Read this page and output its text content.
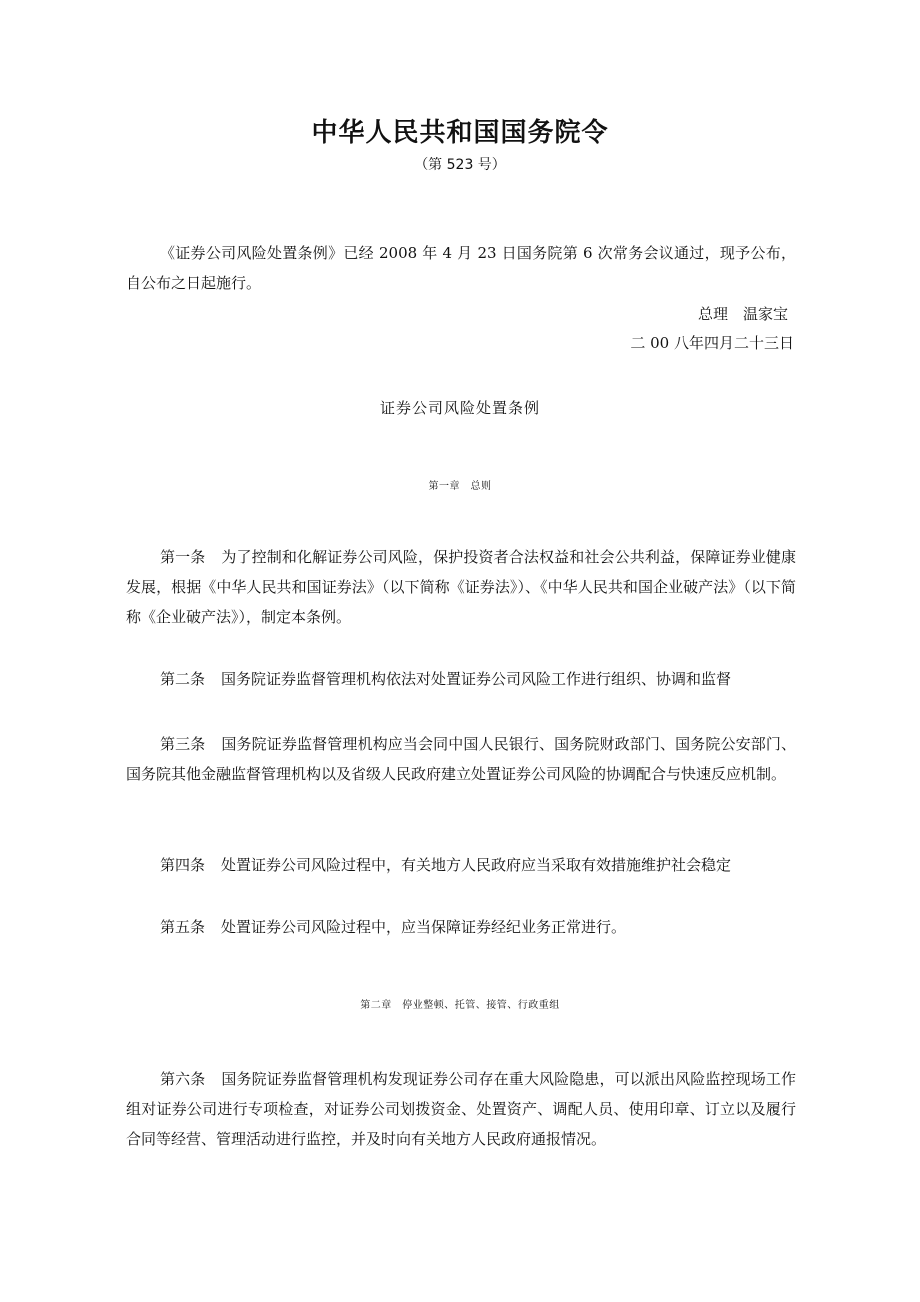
中华人民共和国国务院令
（第 523 号）
《证券公司风险处置条例》已经 2008 年 4 月 23 日国务院第 6 次常务会议通过，现予公布，自公布之日起施行。
总理　温家宝
二 00 八年四月二十三日
证券公司风险处置条例
第一章　总则
第一条 为了控制和化解证券公司风险，保护投资者合法权益和社会公共利益，保障证券业健康发展，根据《中华人民共和国证券法》（以下简称《证券法》）、《中华人民共和国企业破产法》（以下简称《企业破产法》），制定本条例。
第二条 国务院证券监督管理机构依法对处置证券公司风险工作进行组织、协调和监督
第三条 国务院证券监督管理机构应当会同中国人民银行、国务院财政部门、国务院公安部门、国务院其他金融监督管理机构以及省级人民政府建立处置证券公司风险的协调配合与快速反应机制。
第四条 处置证券公司风险过程中，有关地方人民政府应当采取有效措施维护社会稳定
第五条 处置证券公司风险过程中，应当保障证券经纪业务正常进行。
第二章　停业整顿、托管、接管、行政重组
第六条 国务院证券监督管理机构发现证券公司存在重大风险隐患，可以派出风险监控现场工作组对证券公司进行专项检查，对证券公司划拨资金、处置资产、调配人员、使用印章、订立以及履行合同等经营、管理活动进行监控，并及时向有关地方人民政府通报情况。
